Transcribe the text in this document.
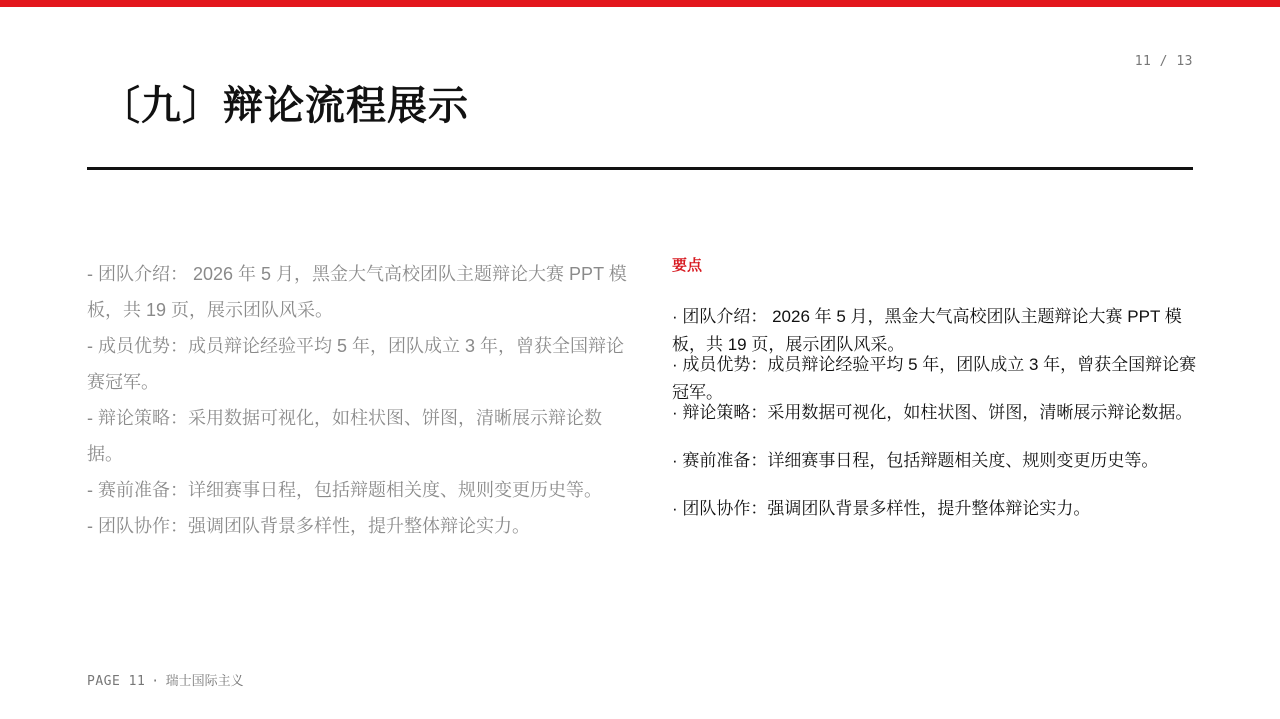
11 / 13
〔九〕辩论流程展示
- 团队介绍： 2026 年 5 月，黑金大气高校团队主题辩论大赛 PPT 模板，共 19 页，展示团队风采。
- 成员优势：成员辩论经验平均 5 年，团队成立 3 年，曾获全国辩论赛冠军。
- 辩论策略：采用数据可视化，如柱状图、饼图，清晰展示辩论数据。
- 赛前准备：详细赛事日程，包括辩题相关度、规则变更历史等。
- 团队协作：强调团队背景多样性，提升整体辩论实力。
要点
· 团队介绍： 2026 年 5 月，黑金大气高校团队主题辩论大赛 PPT 模板，共 19 页，展示团队风采。
· 成员优势：成员辩论经验平均 5 年，团队成立 3 年，曾获全国辩论赛冠军。
· 辩论策略：采用数据可视化，如柱状图、饼图，清晰展示辩论数据。
· 赛前准备：详细赛事日程，包括辩题相关度、规则变更历史等。
· 团队协作：强调团队背景多样性，提升整体辩论实力。
PAGE 11 · 瑞士国际主义
